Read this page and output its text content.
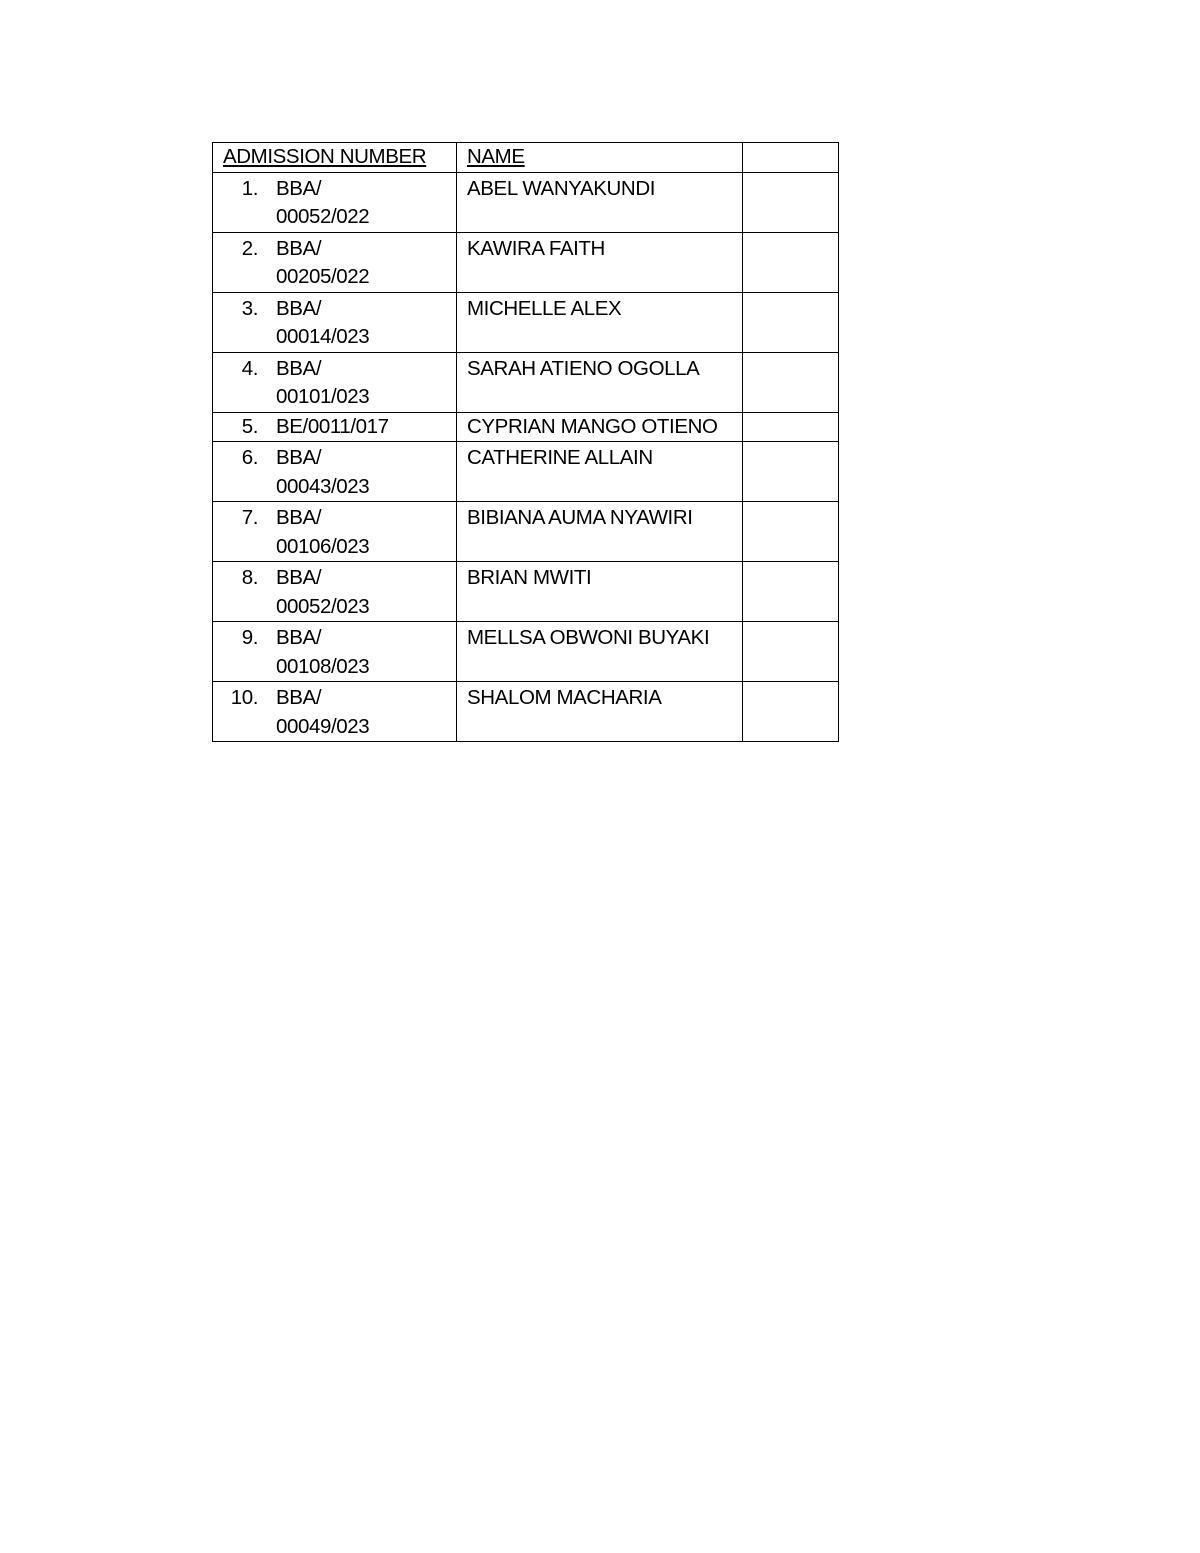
ADMISSION NUMBER	NAME	

1. BBA/
00052/022	ABEL WANYAKUNDI	

2. BBA/
00205/022	KAWIRA FAITH	

3. BBA/
00014/023	MICHELLE ALEX	

4. BBA/
00101/023	SARAH ATIENO OGOLLA	

5. BE/0011/017	CYPRIAN MANGO OTIENO	

6. BBA/
00043/023	CATHERINE ALLAIN	

7. BBA/
00106/023	BIBIANA AUMA NYAWIRI	

8. BBA/
00052/023	BRIAN MWITI	

9. BBA/
00108/023	MELLSA OBWONI BUYAKI	

10. BBA/
00049/023	SHALOM MACHARIA	
